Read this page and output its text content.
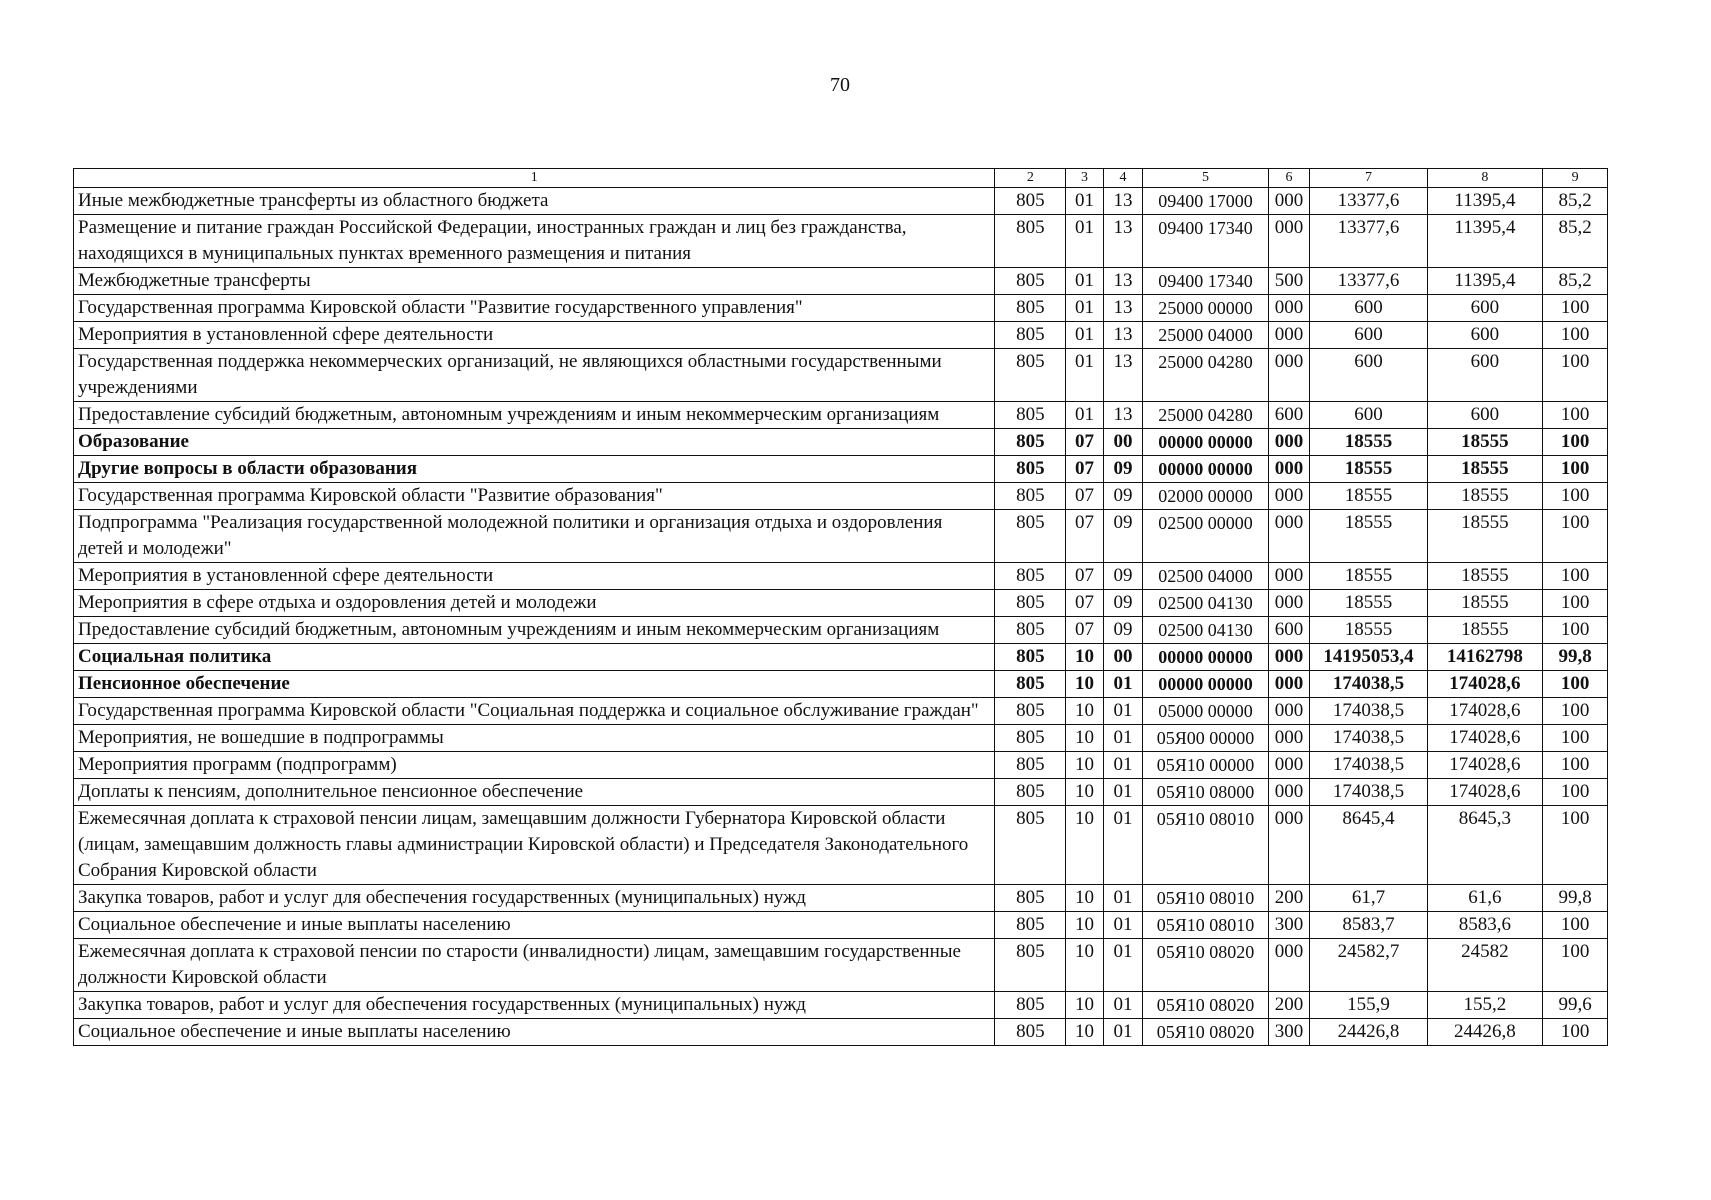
70
1	2	3	4	5	6	7	8	9
Иные межбюджетные трансферты из областного бюджета	805	01	13	09400 17000	000	13377,6	11395,4	85,2
Размещение и питание граждан Российской Федерации, иностранных граждан и лиц без гражданства, находящихся в муниципальных пунктах временного размещения и питания	805	01	13	09400 17340	000	13377,6	11395,4	85,2
Межбюджетные трансферты	805	01	13	09400 17340	500	13377,6	11395,4	85,2
Государственная программа Кировской области "Развитие государственного управления"	805	01	13	25000 00000	000	600	600	100
Мероприятия в установленной сфере деятельности	805	01	13	25000 04000	000	600	600	100
Государственная поддержка некоммерческих организаций, не являющихся областными государственными учреждениями	805	01	13	25000 04280	000	600	600	100
Предоставление субсидий бюджетным, автономным учреждениям и иным некоммерческим организациям	805	01	13	25000 04280	600	600	600	100
Образование	805	07	00	00000 00000	000	18555	18555	100
Другие вопросы в области образования	805	07	09	00000 00000	000	18555	18555	100
Государственная программа Кировской области "Развитие образования"	805	07	09	02000 00000	000	18555	18555	100
Подпрограмма "Реализация государственной молодежной политики и организация отдыха и оздоровления детей и молодежи"	805	07	09	02500 00000	000	18555	18555	100
Мероприятия в установленной сфере деятельности	805	07	09	02500 04000	000	18555	18555	100
Мероприятия в сфере отдыха и оздоровления детей и молодежи	805	07	09	02500 04130	000	18555	18555	100
Предоставление субсидий бюджетным, автономным учреждениям и иным некоммерческим организациям	805	07	09	02500 04130	600	18555	18555	100
Социальная политика	805	10	00	00000 00000	000	14195053,4	14162798	99,8
Пенсионное обеспечение	805	10	01	00000 00000	000	174038,5	174028,6	100
Государственная программа Кировской области "Социальная поддержка и социальное обслуживание граждан"	805	10	01	05000 00000	000	174038,5	174028,6	100
Мероприятия, не вошедшие в подпрограммы	805	10	01	05Я00 00000	000	174038,5	174028,6	100
Мероприятия программ (подпрограмм)	805	10	01	05Я10 00000	000	174038,5	174028,6	100
Доплаты к пенсиям, дополнительное пенсионное обеспечение	805	10	01	05Я10 08000	000	174038,5	174028,6	100
Ежемесячная доплата к страховой пенсии лицам, замещавшим должности Губернатора Кировской области (лицам, замещавшим должность главы администрации Кировской области) и Председателя Законодательного Собрания Кировской области	805	10	01	05Я10 08010	000	8645,4	8645,3	100
Закупка товаров, работ и услуг для обеспечения государственных (муниципальных) нужд	805	10	01	05Я10 08010	200	61,7	61,6	99,8
Социальное обеспечение и иные выплаты населению	805	10	01	05Я10 08010	300	8583,7	8583,6	100
Ежемесячная доплата к страховой пенсии по старости (инвалидности) лицам, замещавшим государственные должности Кировской области	805	10	01	05Я10 08020	000	24582,7	24582	100
Закупка товаров, работ и услуг для обеспечения государственных (муниципальных) нужд	805	10	01	05Я10 08020	200	155,9	155,2	99,6
Социальное обеспечение и иные выплаты населению	805	10	01	05Я10 08020	300	24426,8	24426,8	100
